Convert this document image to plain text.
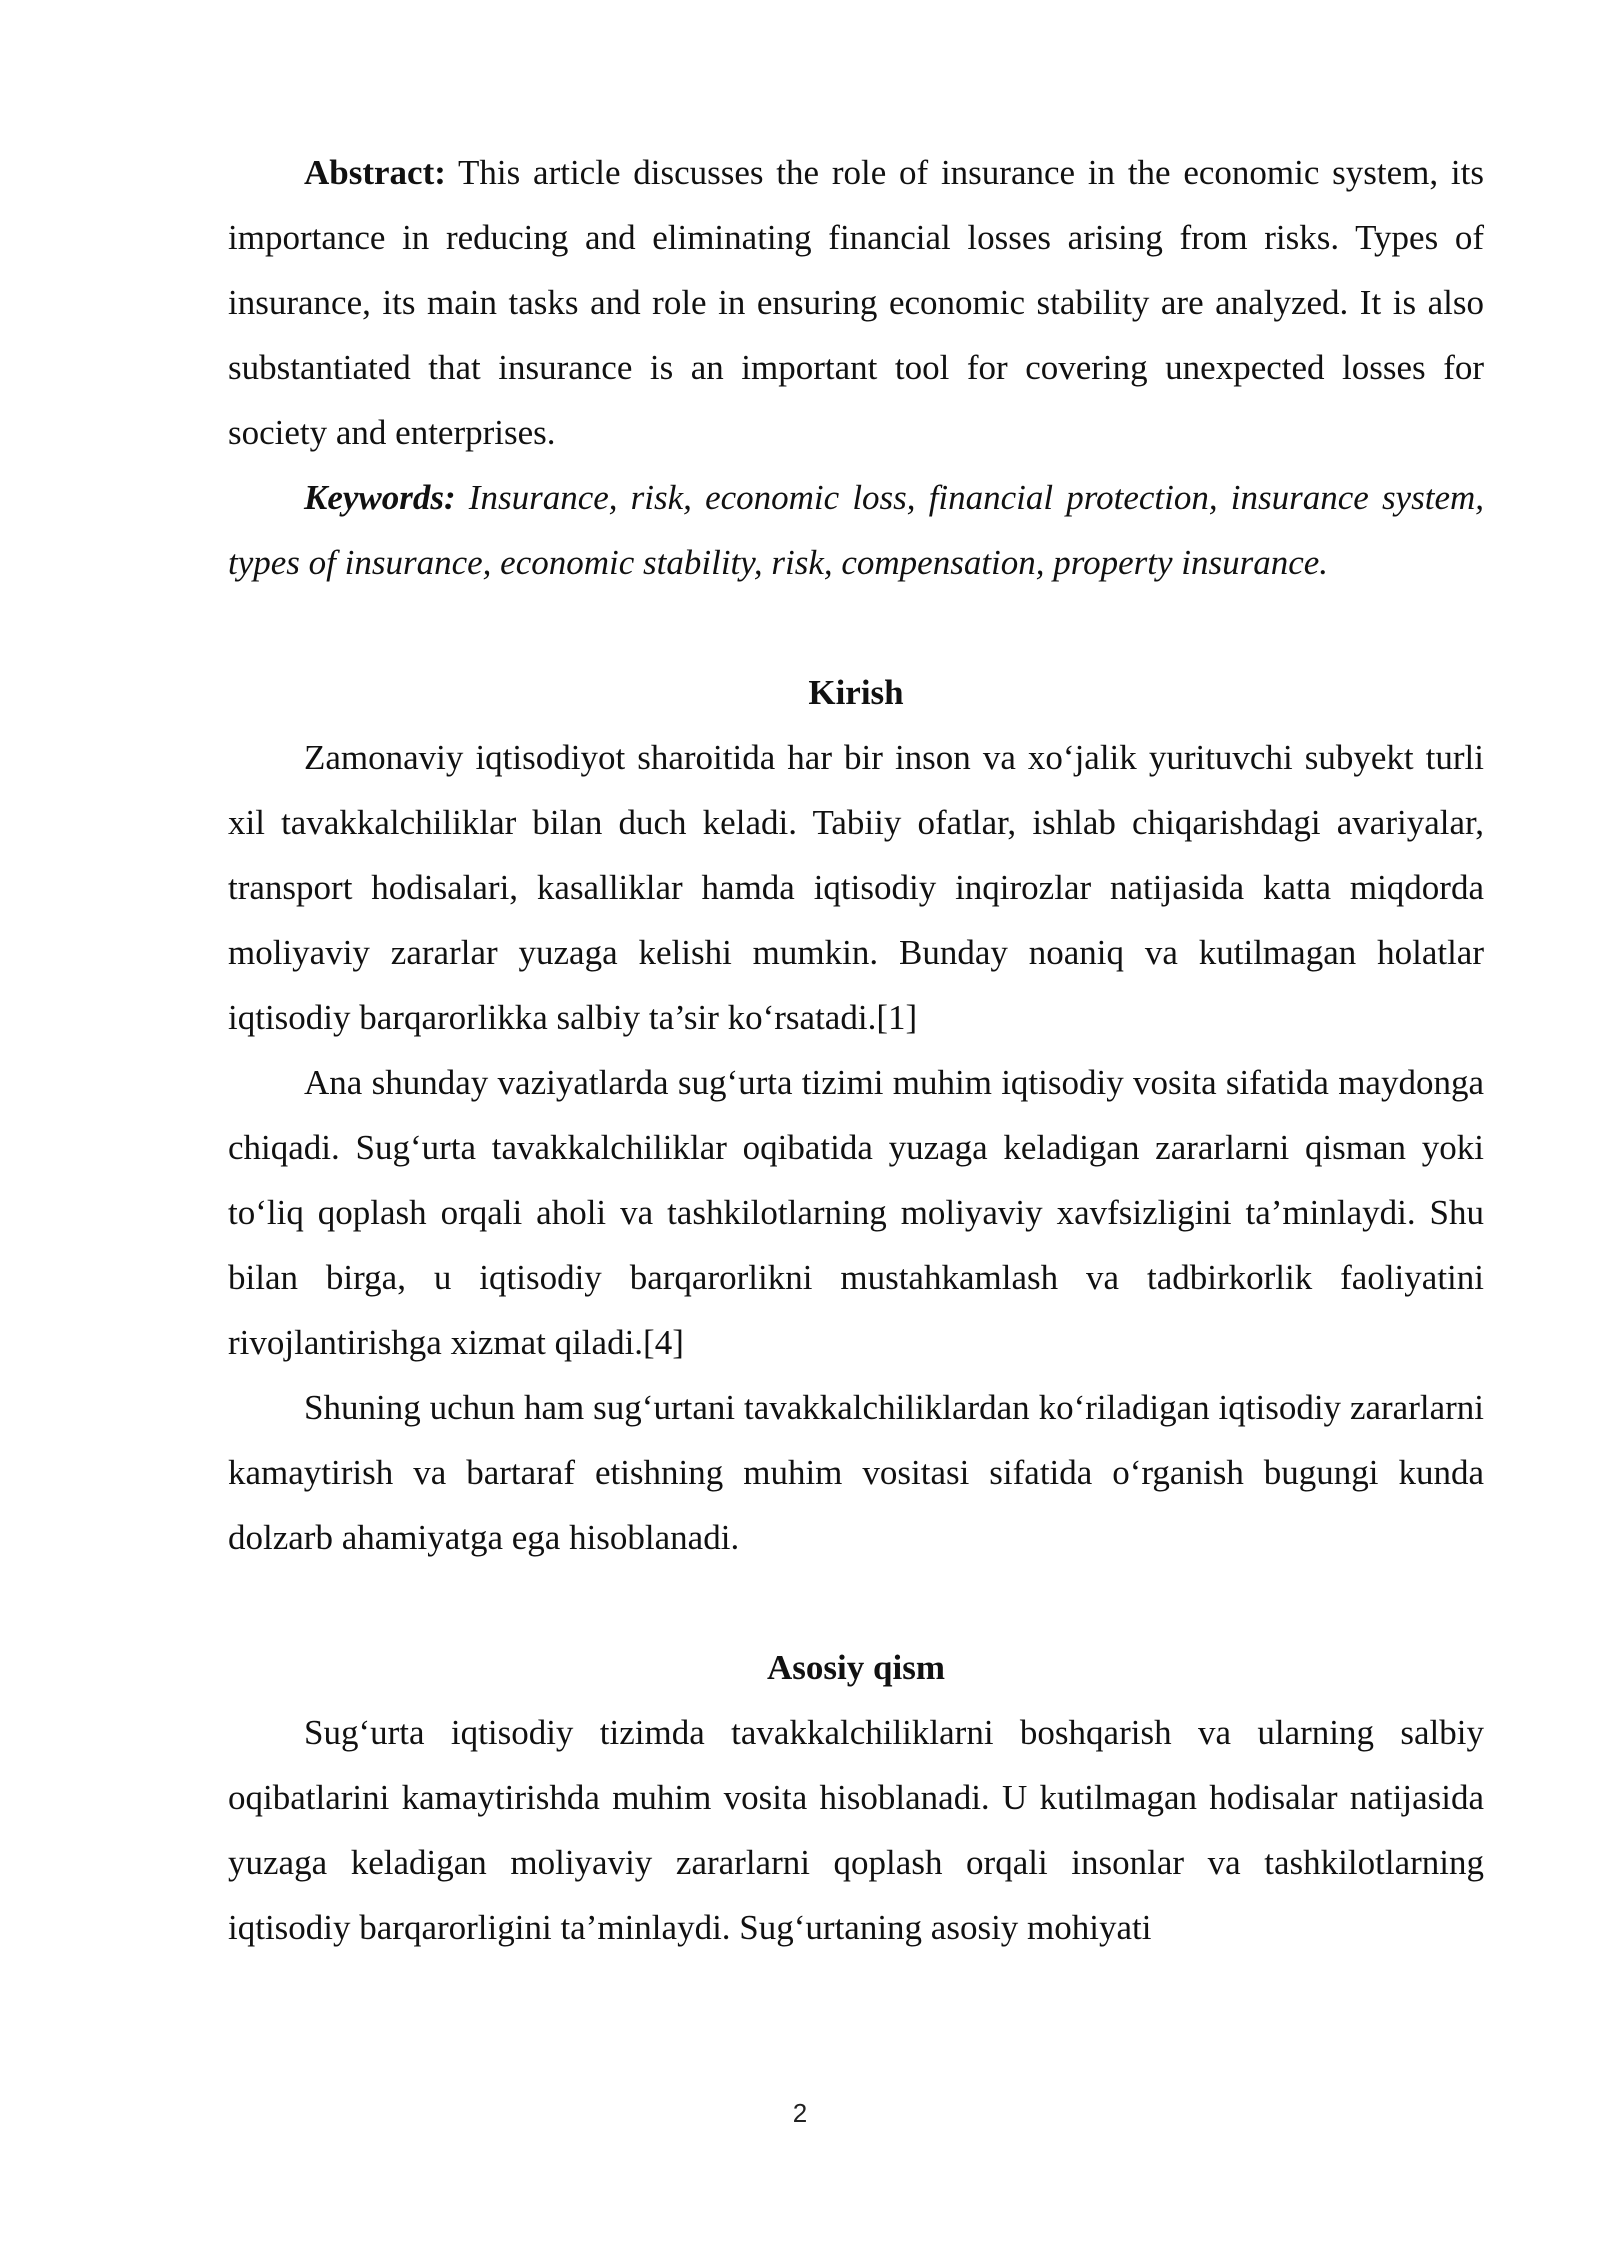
Abstract: This article discusses the role of insurance in the economic system, its importance in reducing and eliminating financial losses arising from risks. Types of insurance, its main tasks and role in ensuring economic stability are analyzed. It is also substantiated that insurance is an important tool for covering unexpected losses for society and enterprises.

Keywords: Insurance, risk, economic loss, financial protection, insurance system, types of insurance, economic stability, risk, compensation, property insurance.

Kirish

Zamonaviy iqtisodiyot sharoitida har bir inson va xo‘jalik yurituvchi subyekt turli xil tavakkalchiliklar bilan duch keladi. Tabiiy ofatlar, ishlab chiqarishdagi avariyalar, transport hodisalari, kasalliklar hamda iqtisodiy inqirozlar natijasida katta miqdorda moliyaviy zararlar yuzaga kelishi mumkin. Bunday noaniq va kutilmagan holatlar iqtisodiy barqarorlikka salbiy ta’sir ko‘rsatadi.[1]

Ana shunday vaziyatlarda sug‘urta tizimi muhim iqtisodiy vosita sifatida maydonga chiqadi. Sug‘urta tavakkalchiliklar oqibatida yuzaga keladigan zararlarni qisman yoki to‘liq qoplash orqali aholi va tashkilotlarning moliyaviy xavfsizligini ta’minlaydi. Shu bilan birga, u iqtisodiy barqarorlikni mustahkamlash va tadbirkorlik faoliyatini rivojlantirishga xizmat qiladi.[4]

Shuning uchun ham sug‘urtani tavakkalchiliklardan ko‘riladigan iqtisodiy zararlarni kamaytirish va bartaraf etishning muhim vositasi sifatida o‘rganish bugungi kunda dolzarb ahamiyatga ega hisoblanadi.

Asosiy qism

Sug‘urta iqtisodiy tizimda tavakkalchiliklarni boshqarish va ularning salbiy oqibatlarini kamaytirishda muhim vosita hisoblanadi. U kutilmagan hodisalar natijasida yuzaga keladigan moliyaviy zararlarni qoplash orqali insonlar va tashkilotlarning iqtisodiy barqarorligini ta’minlaydi. Sug‘urtaning asosiy mohiyati

2
